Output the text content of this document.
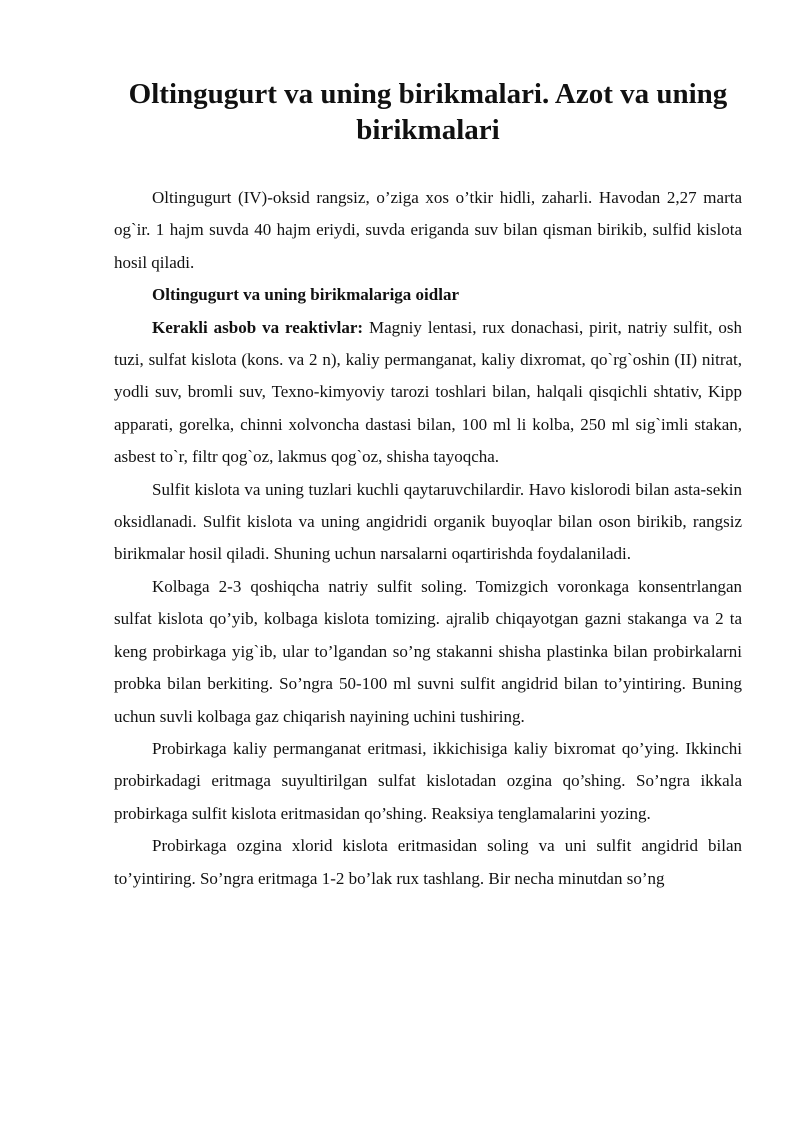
Oltingugurt va uning birikmalari. Azot va uning birikmalari

Oltingugurt (IV)-oksid rangsiz, o’ziga xos o’tkir hidli, zaharli. Havodan 2,27 marta og`ir. 1 hajm suvda 40 hajm eriydi, suvda eriganda suv bilan qisman birikib, sulfid kislota hosil qiladi.

Oltingugurt va uning birikmalariga oidlar

Kerakli asbob va reaktivlar: Magniy lentasi, rux donachasi, pirit, natriy sulfit, osh tuzi, sulfat kislota (kons. va 2 n), kaliy permanganat, kaliy dixromat, qo`rg`oshin (II) nitrat, yodli suv, bromli suv, Texno-kimyoviy tarozi toshlari bilan, halqali qisqichli shtativ, Kipp apparati, gorelka, chinni xolvoncha dastasi bilan, 100 ml li kolba, 250 ml sig`imli stakan, asbest to`r, filtr qog`oz, lakmus qog`oz, shisha tayoqcha.

Sulfit kislota va uning tuzlari kuchli qaytaruvchilardir. Havo kislorodi bilan asta-sekin oksidlanadi. Sulfit kislota va uning angidridi organik buyoqlar bilan oson birikib, rangsiz birikmalar hosil qiladi. Shuning uchun narsalarni oqartirishda foydalaniladi.

Kolbaga 2-3 qoshiqcha natriy sulfit soling. Tomizgich voronkaga konsentrlangan sulfat kislota qo’yib, kolbaga kislota tomizing. ajralib chiqayotgan gazni stakanga va 2 ta keng probirkaga yig`ib, ular to’lgandan so’ng stakanni shisha plastinka bilan probirkalarni probka bilan berkiting. So’ngra 50-100 ml suvni sulfit angidrid bilan to’yintiring. Buning uchun suvli kolbaga gaz chiqarish nayining uchini tushiring.

Probirkaga kaliy permanganat eritmasi, ikkichisiga kaliy bixromat qo’ying. Ikkinchi probirkadagi eritmaga suyultirilgan sulfat kislotadan ozgina qo’shing. So’ngra ikkala probirkaga sulfit kislota eritmasidan qo’shing. Reaksiya tenglamalarini yozing.

Probirkaga ozgina xlorid kislota eritmasidan soling va uni sulfit angidrid bilan to’yintiring. So’ngra eritmaga 1-2 bo’lak rux tashlang. Bir necha minutdan so’ng
